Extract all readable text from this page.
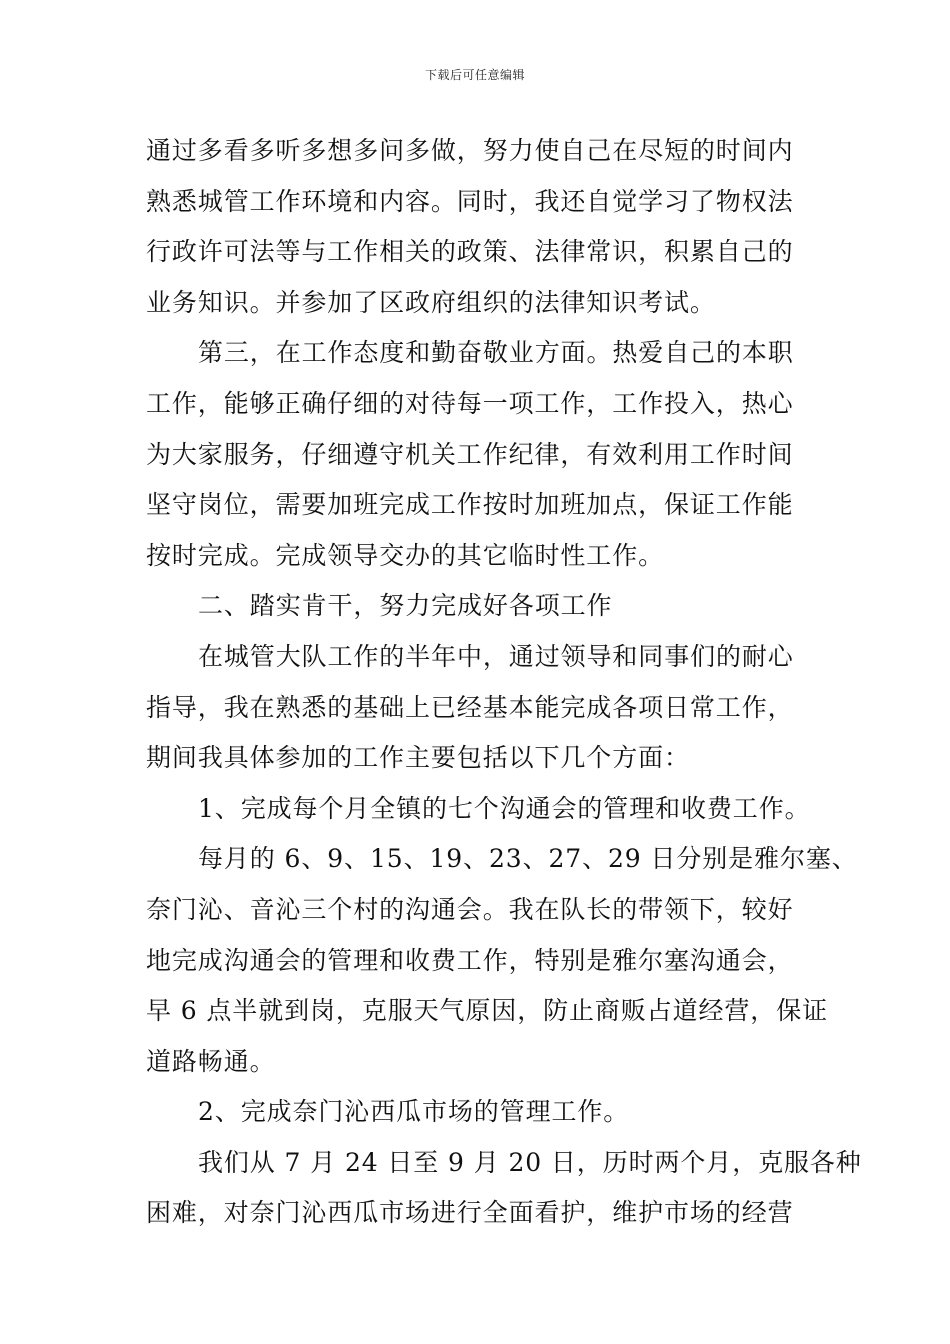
下载后可任意编辑
通过多看多听多想多问多做，努力使自己在尽短的时间内
熟悉城管工作环境和内容。同时，我还自觉学习了物权法
行政许可法等与工作相关的政策、法律常识，积累自己的
业务知识。并参加了区政府组织的法律知识考试。
第三，在工作态度和勤奋敬业方面。热爱自己的本职
工作，能够正确仔细的对待每一项工作，工作投入，热心
为大家服务，仔细遵守机关工作纪律，有效利用工作时间
坚守岗位，需要加班完成工作按时加班加点，保证工作能
按时完成。完成领导交办的其它临时性工作。
二、踏实肯干，努力完成好各项工作
在城管大队工作的半年中，通过领导和同事们的耐心
指导，我在熟悉的基础上已经基本能完成各项日常工作，
期间我具体参加的工作主要包括以下几个方面：
1、完成每个月全镇的七个沟通会的管理和收费工作。
每月的 6、9、15、19、23、27、29 日分别是雅尔塞、
奈门沁、音沁三个村的沟通会。我在队长的带领下，较好
地完成沟通会的管理和收费工作，特别是雅尔塞沟通会，
早 6 点半就到岗，克服天气原因，防止商贩占道经营，保证
道路畅通。
2、完成奈门沁西瓜市场的管理工作。
我们从 7 月 24 日至 9 月 20 日，历时两个月，克服各种
困难，对奈门沁西瓜市场进行全面看护，维护市场的经营
